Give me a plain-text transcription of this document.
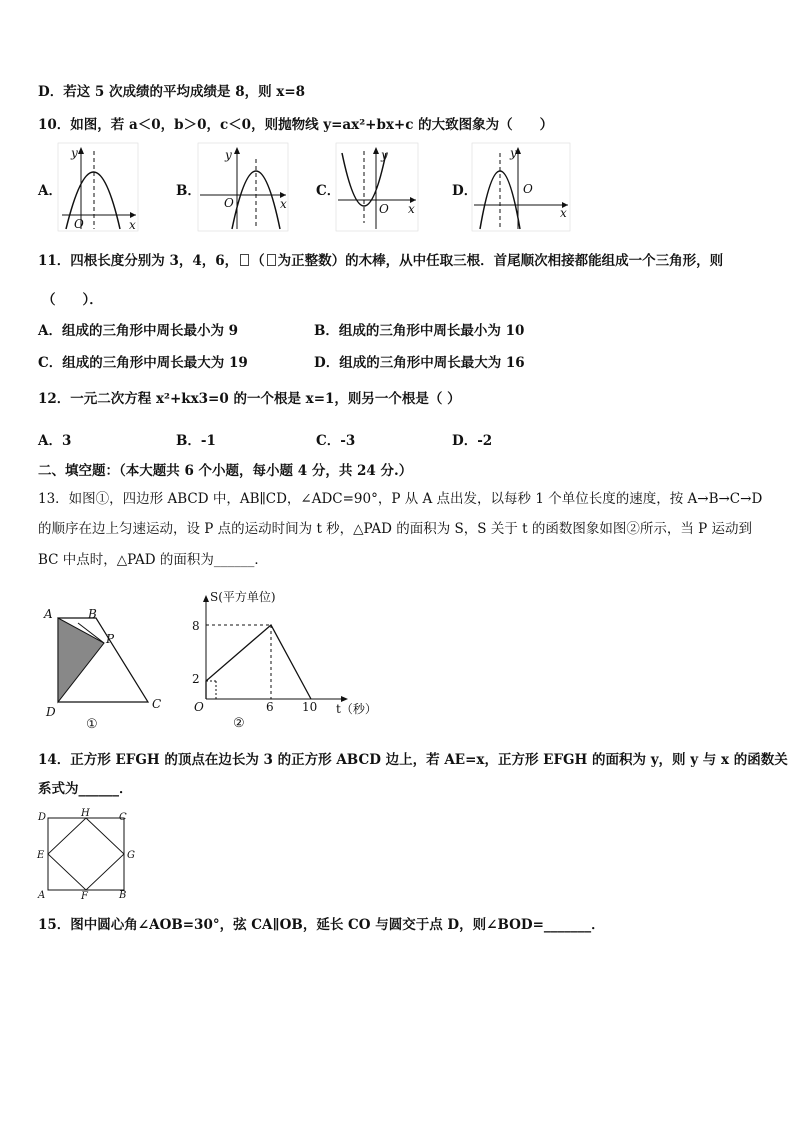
D．若这 5 次成绩的平均成绩是 8，则 x=8
10．如图，若 a＜0，b＞0，c＜0，则抛物线 y=ax²+bx+c 的大致图象为（　　）
A．
y
x
O
B．
y
x
O
C．
y
x
O
D．
y
x
O
11．四根长度分别为 3，4，6， （ 为正整数）的木棒，从中任取三根．首尾顺次相接都能组成一个三角形，则
（　　）．
A．组成的三角形中周长最小为 9	B．组成的三角形中周长最小为 10
C．组成的三角形中周长最大为 19	D．组成的三角形中周长最大为 16
12．一元二次方程 x²+kx3=0 的一个根是 x=1，则另一个根是（ ）
A．3	B．-1	C．-3	D．-2
二、填空题：（本大题共 6 个小题，每小题 4 分，共 24 分.）
13．如图①，四边形 ABCD 中，AB∥CD，∠ADC=90°，P 从 A 点出发，以每秒 1 个单位长度的速度，按 A→B→C→D
的顺序在边上匀速运动，设 P 点的运动时间为 t 秒，△PAD 的面积为 S，S 关于 t 的函数图象如图②所示，当 P 运动到
BC 中点时，△PAD 的面积为______．
A	B
P
D
C
①
S(平方单位)
8
2
O	6 10 t（秒）
②
14．正方形 EFGH 的顶点在边长为 3 的正方形 ABCD 边上，若 AE=x，正方形 EFGH 的面积为 y，则 y 与 x 的函数关
系式为______．
D	H	C
E	G
A	F	B
15．图中圆心角∠AOB=30°，弦 CA∥OB，延长 CO 与圆交于点 D，则∠BOD=_______．
